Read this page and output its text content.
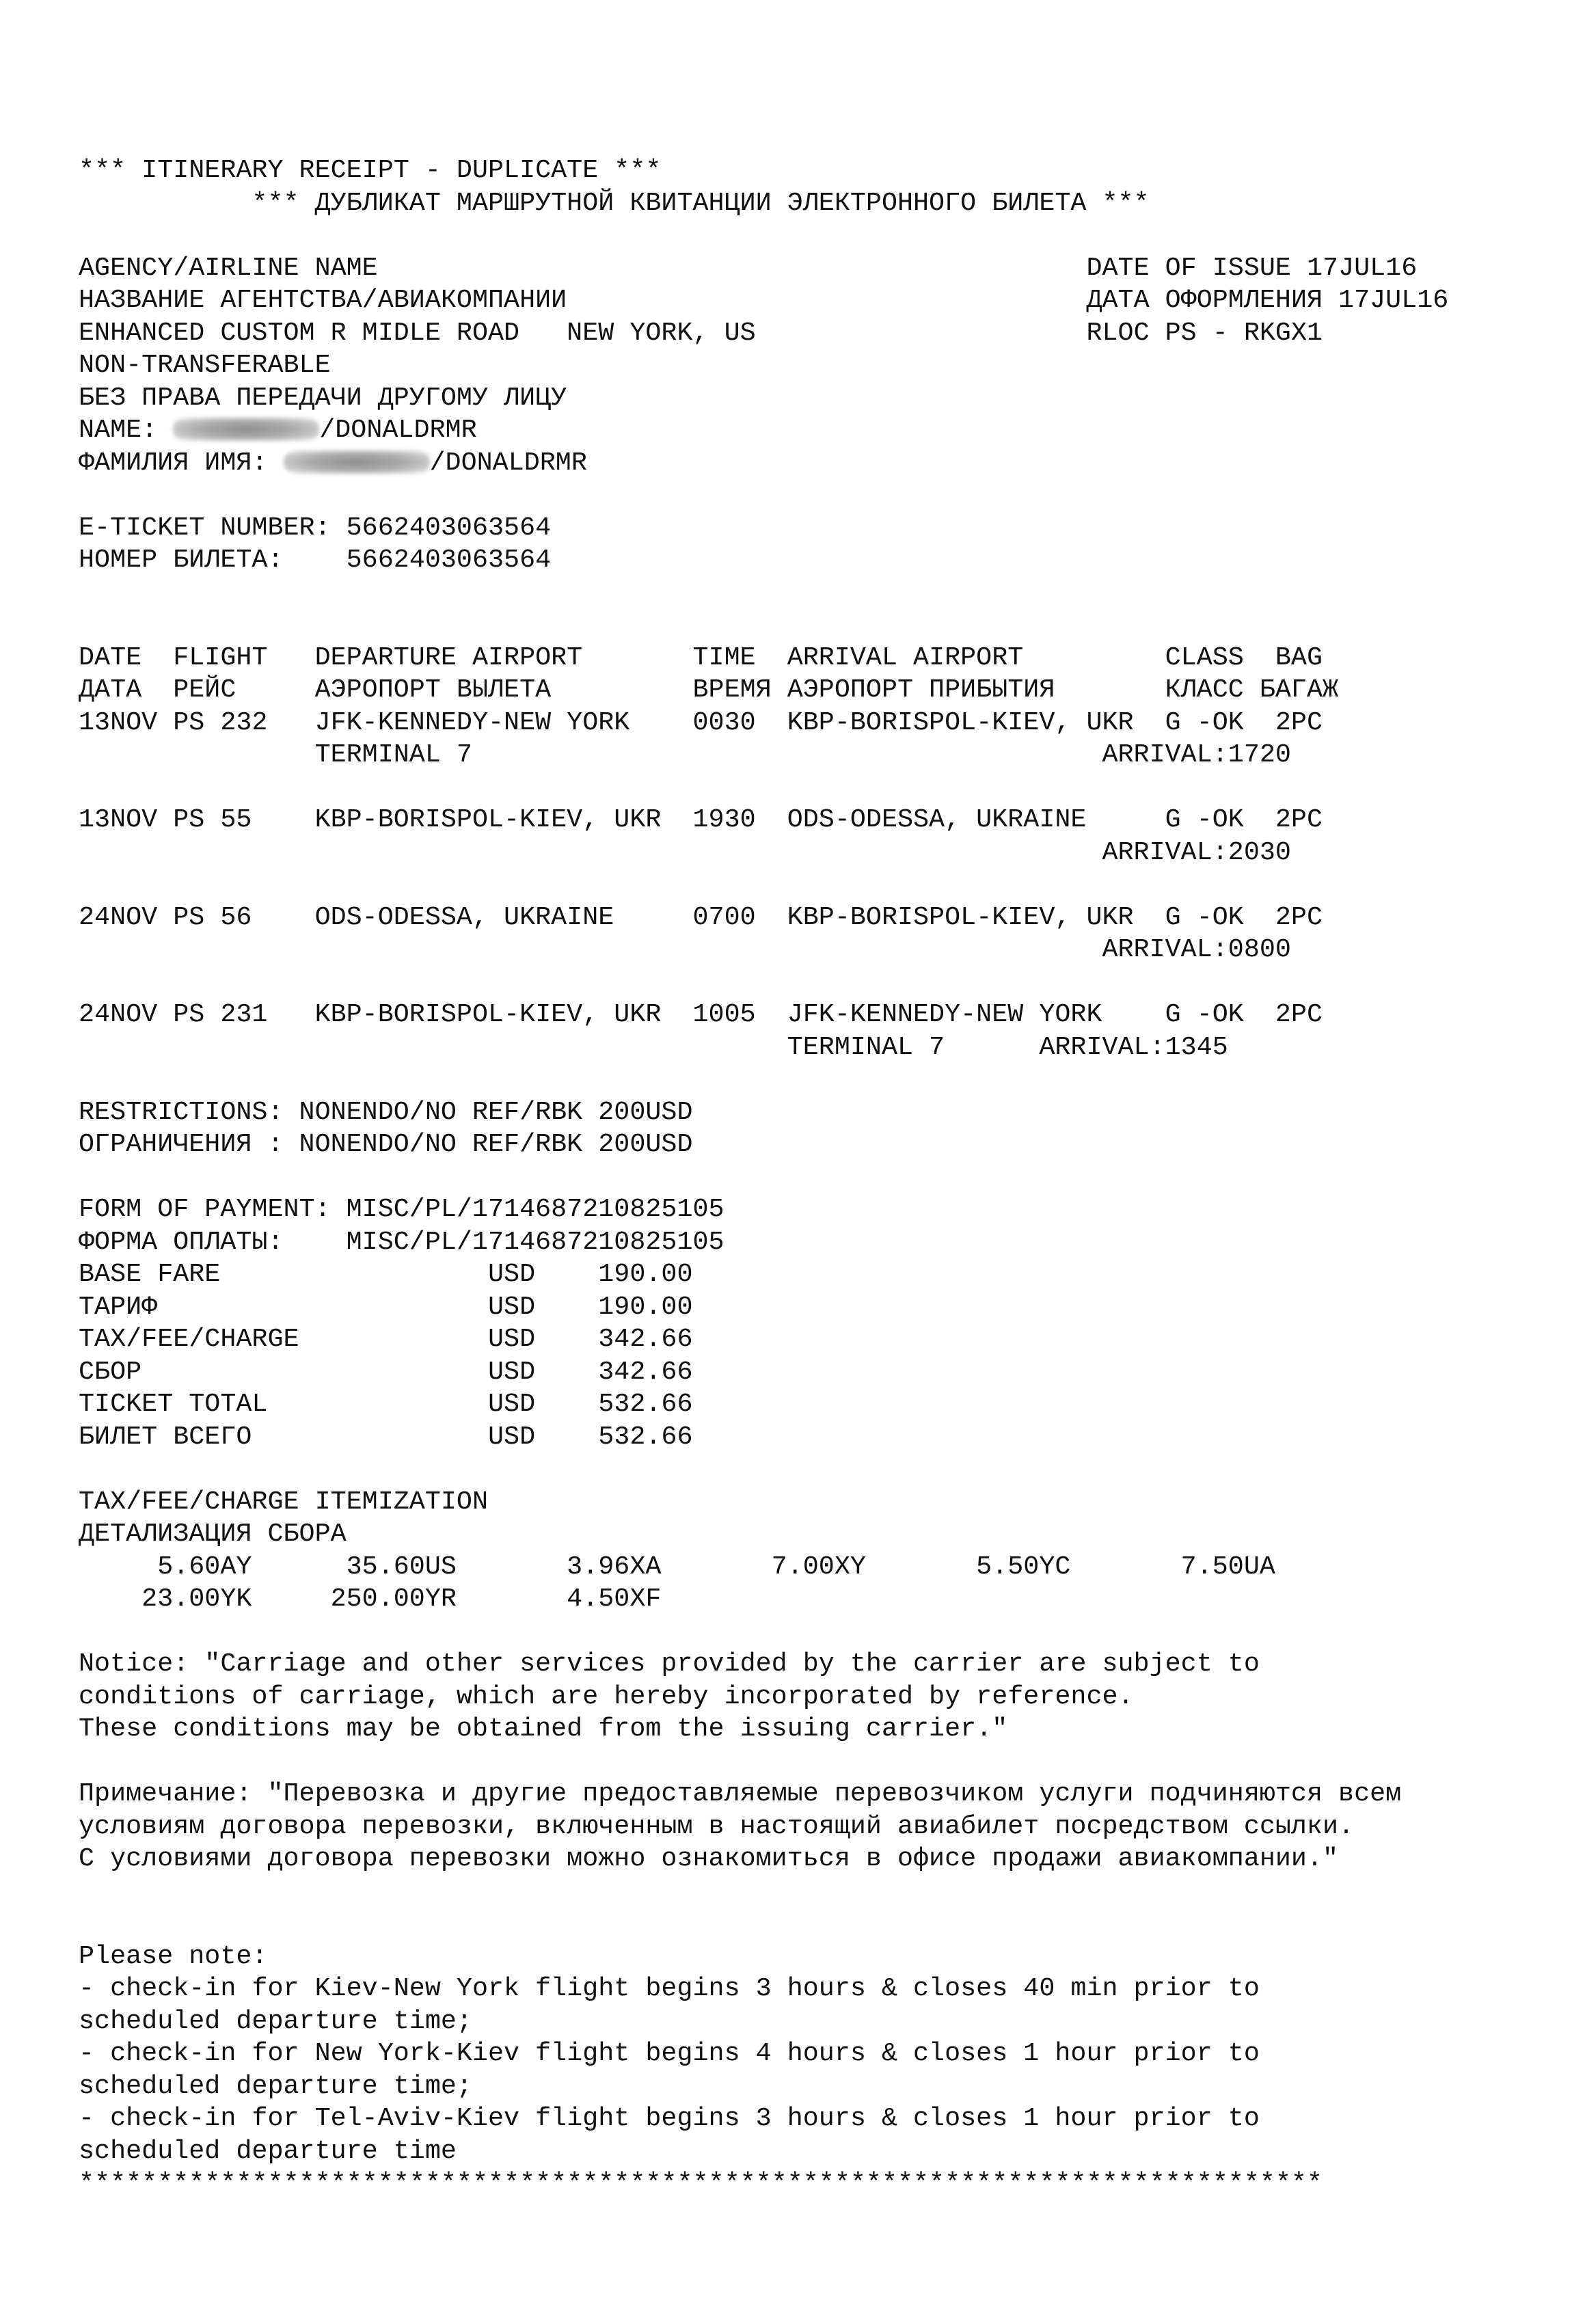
*** ITINERARY RECEIPT - DUPLICATE ***
*** ДУБЛИКАТ МАРШРУТНОЙ КВИТАНЦИИ ЭЛЕКТРОННОГО БИЛЕТА ***
AGENCY/AIRLINE NAME	DATE OF ISSUE 17JUL16
НАЗВАНИЕ АГЕНТСТВА/АВИАКОМПАНИИ	ДАТА ОФОРМЛЕНИЯ 17JUL16
ENHANCED CUSTOM R MIDLE ROAD   NEW YORK, US	RLOC PS - RKGX1
NON-TRANSFERABLE
БЕЗ ПРАВА ПЕРЕДАЧИ ДРУГОМУ ЛИЦУ
NAME:	/DONALDRMR
ФАМИЛИЯ ИМЯ:	/DONALDRMR
E-TICKET NUMBER: 5662403063564
НОМЕР БИЛЕТА:    5662403063564
DATE  FLIGHT   DEPARTURE AIRPORT       TIME  ARRIVAL AIRPORT         CLASS  BAG
ДАТА  РЕЙС     АЭРОПОРТ ВЫЛЕТА         ВРЕМЯ АЭРОПОРТ ПРИБЫТИЯ       КЛАСС БАГАЖ
13NOV PS 232   JFK-KENNEDY-NEW YORK    0030  KBP-BORISPOL-KIEV, UKR  G -OK  2PC
TERMINAL 7                                        ARRIVAL:1720
13NOV PS 55    KBP-BORISPOL-KIEV, UKR  1930  ODS-ODESSA, UKRAINE     G -OK  2PC
ARRIVAL:2030
24NOV PS 56    ODS-ODESSA, UKRAINE     0700  KBP-BORISPOL-KIEV, UKR  G -OK  2PC
ARRIVAL:0800
24NOV PS 231   KBP-BORISPOL-KIEV, UKR  1005  JFK-KENNEDY-NEW YORK    G -OK  2PC
TERMINAL 7      ARRIVAL:1345
RESTRICTIONS: NONENDO/NO REF/RBK 200USD
ОГРАНИЧЕНИЯ : NONENDO/NO REF/RBK 200USD
FORM OF PAYMENT: MISC/PL/1714687210825105
ФОРМА ОПЛАТЫ:    MISC/PL/1714687210825105
BASE FARE                 USD    190.00
ТАРИФ                     USD    190.00
TAX/FEE/CHARGE            USD    342.66
СБОР                      USD    342.66
TICKET TOTAL              USD    532.66
БИЛЕТ ВСЕГО               USD    532.66
TAX/FEE/CHARGE ITEMIZATION
ДЕТАЛИЗАЦИЯ СБОРА
5.60AY      35.60US       3.96XA       7.00XY       5.50YC       7.50UA
23.00YK     250.00YR       4.50XF
Notice: "Carriage and other services provided by the carrier are subject to
conditions of carriage, which are hereby incorporated by reference.
These conditions may be obtained from the issuing carrier."
Примечание: "Перевозка и другие предоставляемые перевозчиком услуги подчиняются всем
условиям договора перевозки, включенным в настоящий авиабилет посредством ссылки.
С условиями договора перевозки можно ознакомиться в офисе продажи авиакомпании."
Please note:
- check-in for Kiev-New York flight begins 3 hours & closes 40 min prior to
scheduled departure time;
- check-in for New York-Kiev flight begins 4 hours & closes 1 hour prior to
scheduled departure time;
- check-in for Tel-Aviv-Kiev flight begins 3 hours & closes 1 hour prior to
scheduled departure time
*******************************************************************************
